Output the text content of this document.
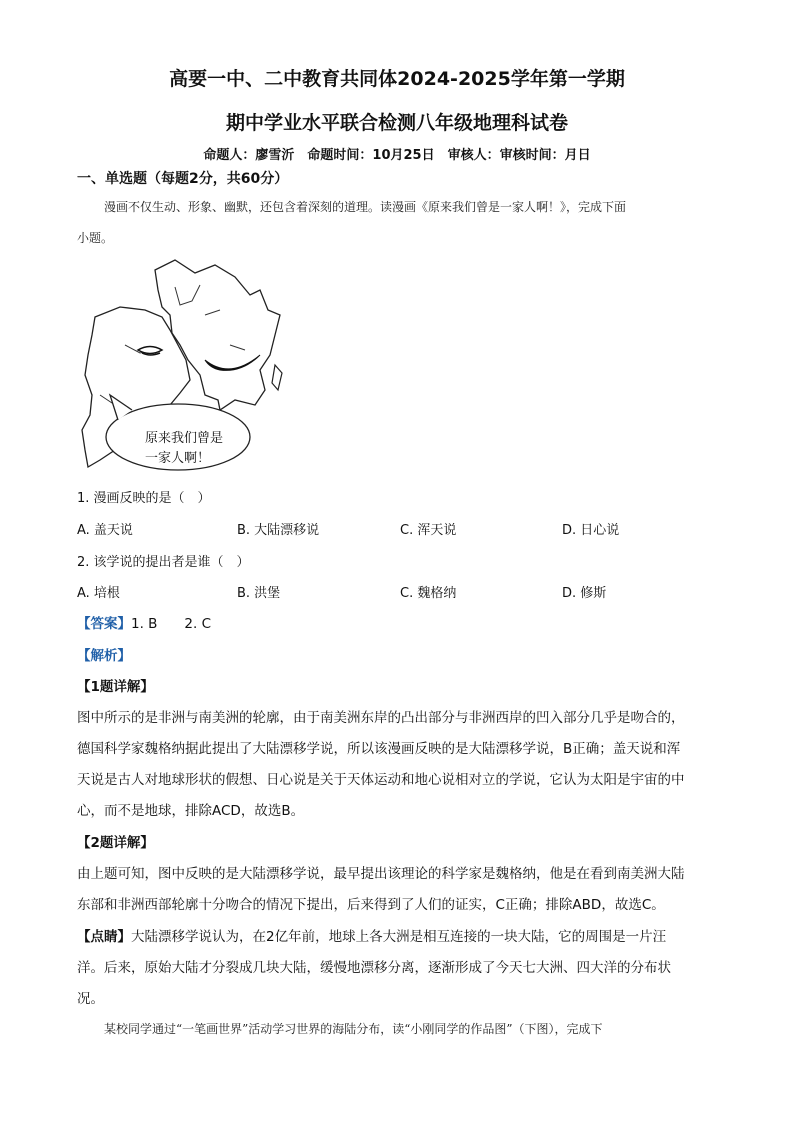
高要一中、二中教育共同体2024-2025学年第一学期
期中学业水平联合检测八年级地理科试卷
命题人：廖雪沂　命题时间：10月25日　审核人：审核时间：月日
一、单选题（每题2分，共60分）
漫画不仅生动、形象、幽默，还包含着深刻的道理。读漫画《原来我们曾是一家人啊！》，完成下面
小题。
原来我们曾是
一家人啊！
1. 漫画反映的是（　）
A. 盖天说	B. 大陆漂移说	C. 浑天说	D. 日心说
2. 该学说的提出者是谁（　）
A. 培根	B. 洪堡	C. 魏格纳	D. 修斯
【答案】1. B　　2. C
【解析】
【1题详解】
图中所示的是非洲与南美洲的轮廓，由于南美洲东岸的凸出部分与非洲西岸的凹入部分几乎是吻合的，
德国科学家魏格纳据此提出了大陆漂移学说，所以该漫画反映的是大陆漂移学说，B正确；盖天说和浑
天说是古人对地球形状的假想、日心说是关于天体运动和地心说相对立的学说，它认为太阳是宇宙的中
心，而不是地球，排除ACD，故选B。
【2题详解】
由上题可知，图中反映的是大陆漂移学说，最早提出该理论的科学家是魏格纳，他是在看到南美洲大陆
东部和非洲西部轮廓十分吻合的情况下提出，后来得到了人们的证实，C正确；排除ABD，故选C。
【点睛】大陆漂移学说认为，在2亿年前，地球上各大洲是相互连接的一块大陆，它的周围是一片汪
洋。后来，原始大陆才分裂成几块大陆，缓慢地漂移分离，逐渐形成了今天七大洲、四大洋的分布状
况。
某校同学通过“一笔画世界”活动学习世界的海陆分布，读“小刚同学的作品图”（下图），完成下
